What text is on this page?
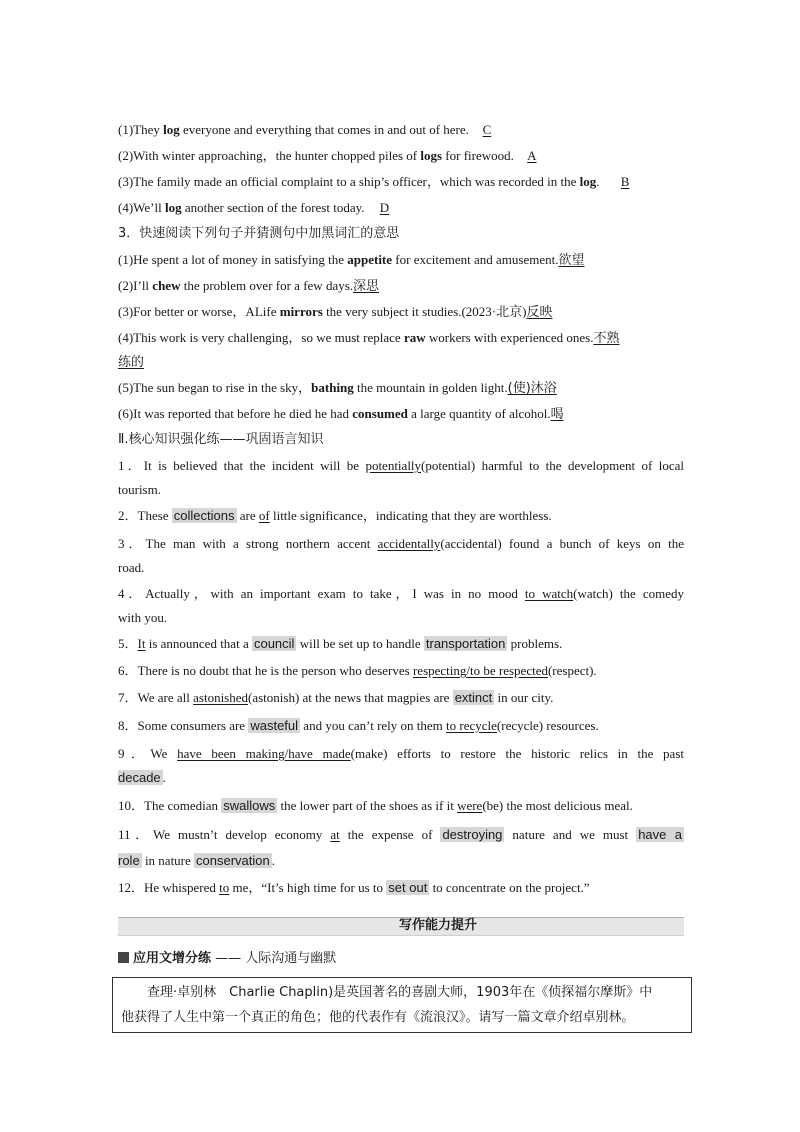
(1)They log everyone and everything that comes in and out of here. C
(2)With winter approaching，the hunter chopped piles of logs for firewood. A
(3)The family made an official complaint to a ship’s officer，which was recorded in the log. B
(4)We’ll log another section of the forest today. D
3．快速阅读下列句子并猜测句中加黑词汇的意思
(1)He spent a lot of money in satisfying the appetite for excitement and amusement.欲望
(2)I’ll chew the problem over for a few days.深思
(3)For better or worse，ALife mirrors the very subject it studies.(2023·北京)反映
(4)This work is very challenging，so we must replace raw workers with experienced ones.不熟
练的
(5)The sun began to rise in the sky，bathing the mountain in golden light.(使)沐浴
(6)It was reported that before he died he had consumed a large quantity of alcohol.喝
Ⅱ.核心知识强化练——巩固语言知识
1．It is believed that the incident will be potentially(potential) harmful to the development of local
tourism.
2．These collections are of little significance，indicating that they are worthless.
3．The man with a strong northern accent accidentally(accidental) found a bunch of keys on the
road.
4．Actually，with an important exam to take，I was in no mood to watch(watch) the comedy
with you.
5．It is announced that a council will be set up to handle transportation problems.
6．There is no doubt that he is the person who deserves respecting/to be respected(respect).
7．We are all astonished(astonish) at the news that magpies are extinct in our city.
8．Some consumers are wasteful and you can’t rely on them to recycle(recycle) resources.
9．We have been making/have made(make) efforts to restore the historic relics in the past
decade .
10．The comedian swallows the lower part of the shoes as if it were(be) the most delicious meal.
11．We mustn’t develop economy at the expense of destroying nature and we must have a
role in nature conservation .
12．He whispered to me，“It’s high time for us to set out to concentrate on the project.”
写作能力提升
应用文增分练 —— 人际沟通与幽默
查理·卓别林　Charlie Chaplin)是英国著名的喜剧大师，1903年在《侦探福尔摩斯》中
他获得了人生中第一个真正的角色；他的代表作有《流浪汉》。请写一篇文章介绍卓别林。
